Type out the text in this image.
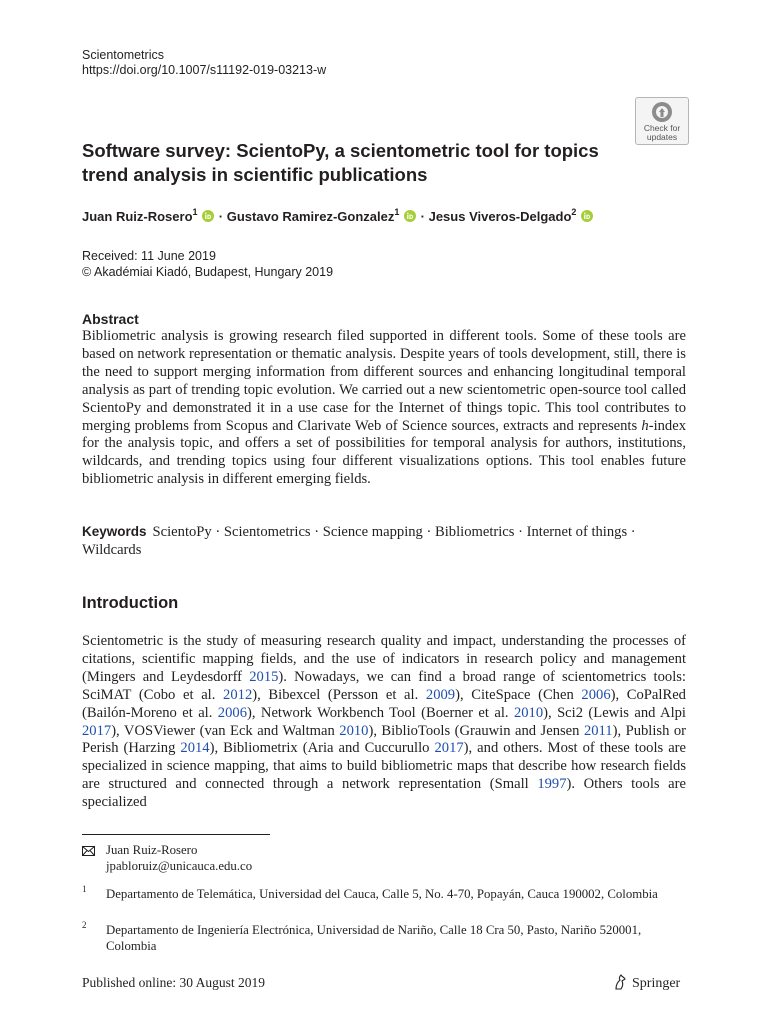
Scientometrics
https://doi.org/10.1007/s11192-019-03213-w
Check for
updates
Software survey: ScientoPy, a scientometric tool for topics trend analysis in scientific publications
Juan Ruiz-Rosero$^1$ · Gustavo Ramirez-Gonzalez$^1$ · Jesus Viveros-Delgado$^2$
Received: 11 June 2019
© Akadémiai Kiadó, Budapest, Hungary 2019
Abstract
Bibliometric analysis is growing research filed supported in different tools. Some of these tools are based on network representation or thematic analysis. Despite years of tools development, still, there is the need to support merging information from different sources and enhancing longitudinal temporal analysis as part of trending topic evolution. We carried out a new scientometric open-source tool called ScientoPy and demonstrated it in a use case for the Internet of things topic. This tool contributes to merging problems from Scopus and Clarivate Web of Science sources, extracts and represents h-index for the analysis topic, and offers a set of possibilities for temporal analysis for authors, institutions, wildcards, and trending topics using four different visualizations options. This tool enables future bibliometric analysis in different emerging fields.
Keywords ScientoPy · Scientometrics · Science mapping · Bibliometrics · Internet of things · Wildcards
Introduction
Scientometric is the study of measuring research quality and impact, understanding the processes of citations, scientific mapping fields, and the use of indicators in research policy and management (Mingers and Leydesdorff 2015). Nowadays, we can find a broad range of scientometrics tools: SciMAT (Cobo et al. 2012), Bibexcel (Persson et al. 2009), CiteSpace (Chen 2006), CoPalRed (Bailón-Moreno et al. 2006), Network Workbench Tool (Boerner et al. 2010), Sci2 (Lewis and Alpi 2017), VOSViewer (van Eck and Waltman 2010), BiblioTools (Grauwin and Jensen 2011), Publish or Perish (Harzing 2014), Bibliometrix (Aria and Cuccurullo 2017), and others. Most of these tools are specialized in science mapping, that aims to build bibliometric maps that describe how research fields are structured and connected through a network representation (Small 1997). Others tools are specialized
Juan Ruiz-Rosero
jpabloruiz@unicauca.edu.co
1 Departamento de Telemática, Universidad del Cauca, Calle 5, No. 4-70, Popayán, Cauca 190002, Colombia
2 Departamento de Ingeniería Electrónica, Universidad de Nariño, Calle 18 Cra 50, Pasto, Nariño 520001, Colombia
Published online: 30 August 2019	Springer
